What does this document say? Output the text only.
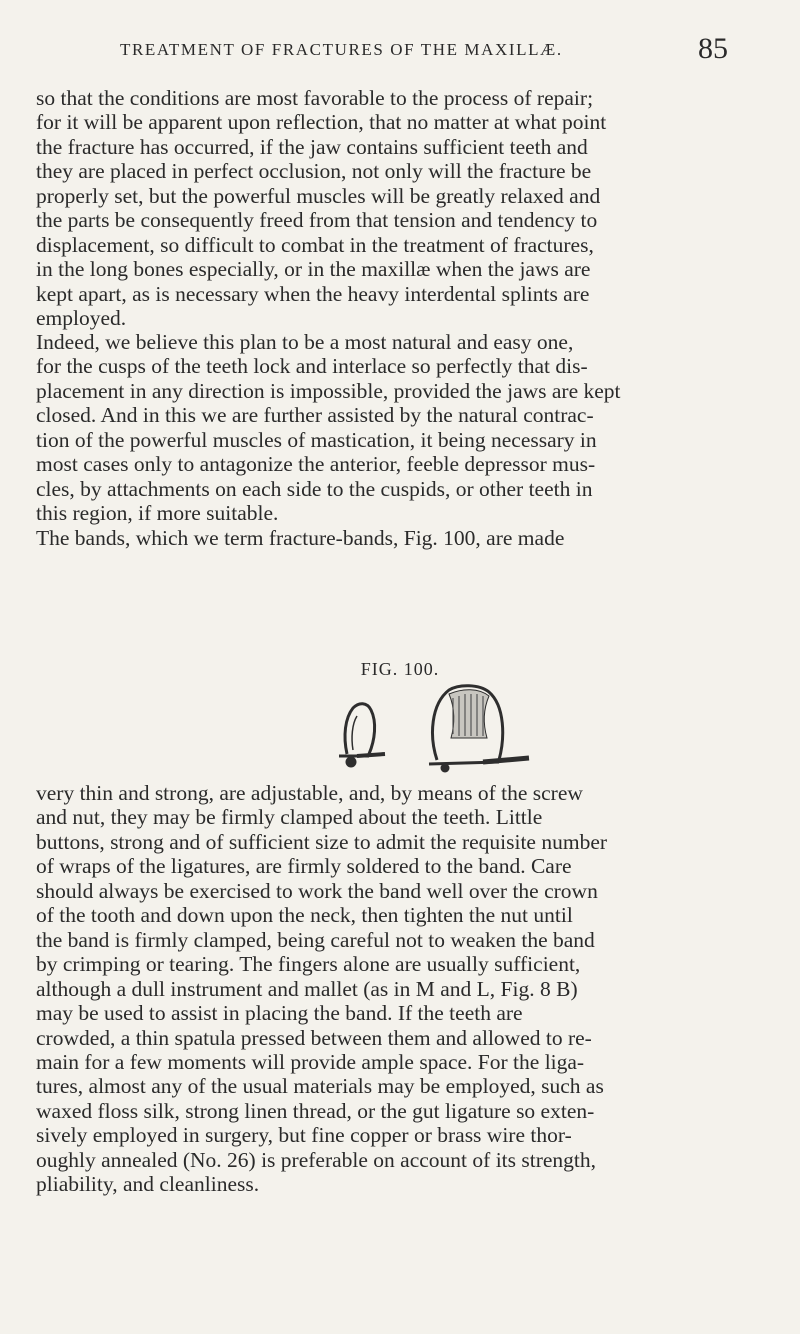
TREATMENT OF FRACTURES OF THE MAXILLÆ.	85

so that the conditions are most favorable to the process of repair;
for it will be apparent upon reflection, that no matter at what point
the fracture has occurred, if the jaw contains sufficient teeth and
they are placed in perfect occlusion, not only will the fracture be
properly set, but the powerful muscles will be greatly relaxed and
the parts be consequently freed from that tension and tendency to
displacement, so difficult to combat in the treatment of fractures,
in the long bones especially, or in the maxillæ when the jaws are
kept apart, as is necessary when the heavy interdental splints are
employed.

Indeed, we believe this plan to be a most natural and easy one,
for the cusps of the teeth lock and interlace so perfectly that dis-
placement in any direction is impossible, provided the jaws are kept
closed. And in this we are further assisted by the natural contrac-
tion of the powerful muscles of mastication, it being necessary in
most cases only to antagonize the anterior, feeble depressor mus-
cles, by attachments on each side to the cuspids, or other teeth in
this region, if more suitable.

The bands, which we term fracture-bands, Fig. 100, are made

FIG. 100.

very thin and strong, are adjustable, and, by means of the screw
and nut, they may be firmly clamped about the teeth. Little
buttons, strong and of sufficient size to admit the requisite number
of wraps of the ligatures, are firmly soldered to the band. Care
should always be exercised to work the band well over the crown
of the tooth and down upon the neck, then tighten the nut until
the band is firmly clamped, being careful not to weaken the band
by crimping or tearing. The fingers alone are usually sufficient,
although a dull instrument and mallet (as in M and L, Fig. 8 B)
may be used to assist in placing the band. If the teeth are
crowded, a thin spatula pressed between them and allowed to re-
main for a few moments will provide ample space. For the liga-
tures, almost any of the usual materials may be employed, such as
waxed floss silk, strong linen thread, or the gut ligature so exten-
sively employed in surgery, but fine copper or brass wire thor-
oughly annealed (No. 26) is preferable on account of its strength,
pliability, and cleanliness.
